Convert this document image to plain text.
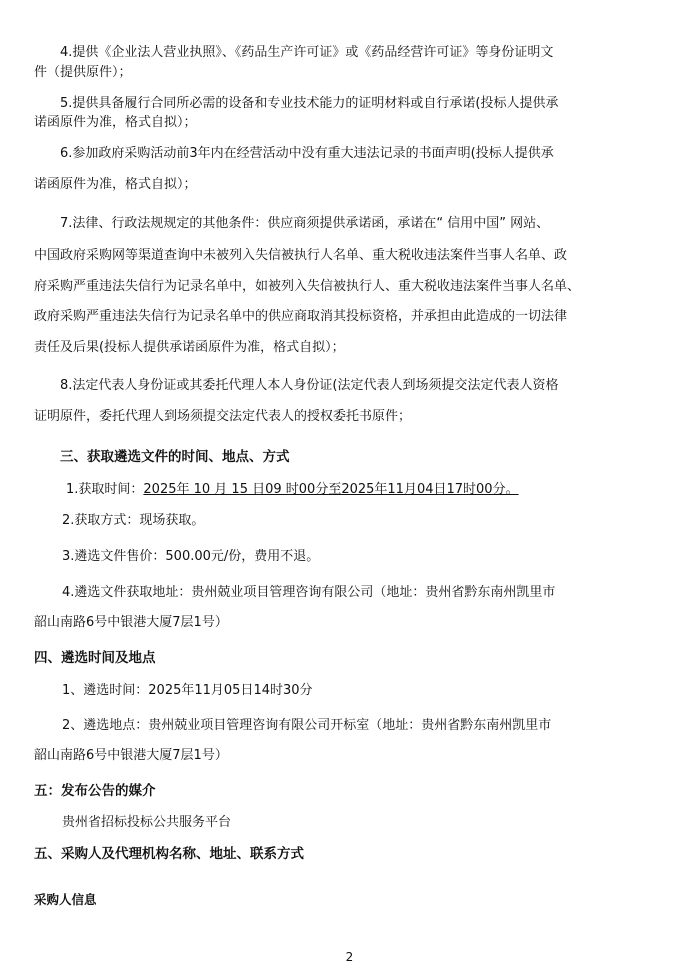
4.提供《企业法人营业执照》、《药品生产许可证》或《药品经营许可证》等身份证明文
件（提供原件）；
5.提供具备履行合同所必需的设备和专业技术能力的证明材料或自行承诺(投标人提供承
诺函原件为准，格式自拟）；
6.参加政府采购活动前3年内在经营活动中没有重大违法记录的书面声明(投标人提供承
诺函原件为准，格式自拟）；
7.法律、行政法规规定的其他条件：供应商须提供承诺函，承诺在“ 信用中国” 网站、
中国政府采购网等渠道查询中未被列入失信被执行人名单、重大税收违法案件当事人名单、政
府采购严重违法失信行为记录名单中，如被列入失信被执行人、重大税收违法案件当事人名单、
政府采购严重违法失信行为记录名单中的供应商取消其投标资格，并承担由此造成的一切法律
责任及后果(投标人提供承诺函原件为准，格式自拟）；
8.法定代表人身份证或其委托代理人本人身份证(法定代表人到场须提交法定代表人资格
证明原件，委托代理人到场须提交法定代表人的授权委托书原件；
三、获取遴选文件的时间、地点、方式
1.获取时间：2025年 10 月 15 日09 时00分至2025年11月04日17时00分。
2.获取方式：现场获取。
3.遴选文件售价：500.00元/份，费用不退。
4.遴选文件获取地址：贵州兢业项目管理咨询有限公司（地址：贵州省黔东南州凯里市
韶山南路6号中银港大厦7层1号）
四、遴选时间及地点
1、遴选时间：2025年11月05日14时30分
2、遴选地点：贵州兢业项目管理咨询有限公司开标室（地址：贵州省黔东南州凯里市
韶山南路6号中银港大厦7层1号）
五：发布公告的媒介
贵州省招标投标公共服务平台
五、采购人及代理机构名称、地址、联系方式
采购人信息
2
